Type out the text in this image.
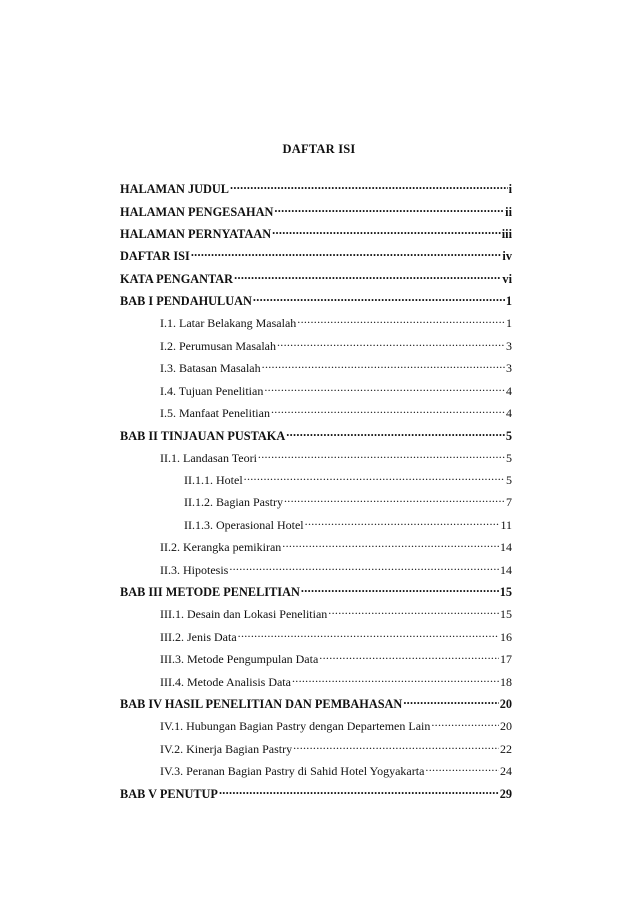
DAFTAR ISI
HALAMAN JUDUL .....	i
HALAMAN PENGESAHAN .....	ii
HALAMAN PERNYATAAN .....	iii
DAFTAR ISI .....	iv
KATA PENGANTAR .....	vi
BAB I PENDAHULUAN .....	1
I.1. Latar Belakang Masalah .....	1
I.2. Perumusan Masalah .....	3
I.3. Batasan Masalah .....	3
I.4. Tujuan Penelitian .....	4
I.5. Manfaat Penelitian .....	4
BAB II TINJAUAN PUSTAKA .....	5
II.1. Landasan Teori .....	5
II.1.1. Hotel .....	5
II.1.2. Bagian Pastry .....	7
II.1.3. Operasional Hotel .....	11
II.2. Kerangka pemikiran .....	14
II.3. Hipotesis .....	14
BAB III METODE PENELITIAN .....	15
III.1. Desain dan Lokasi Penelitian .....	15
III.2. Jenis Data .....	16
III.3. Metode Pengumpulan Data .....	17
III.4. Metode Analisis Data .....	18
BAB IV HASIL PENELITIAN DAN PEMBAHASAN .....	20
IV.1. Hubungan Bagian Pastry dengan Departemen Lain .....	20
IV.2. Kinerja Bagian Pastry .....	22
IV.3. Peranan Bagian Pastry di Sahid Hotel Yogyakarta .....	24
BAB V PENUTUP .....	29
